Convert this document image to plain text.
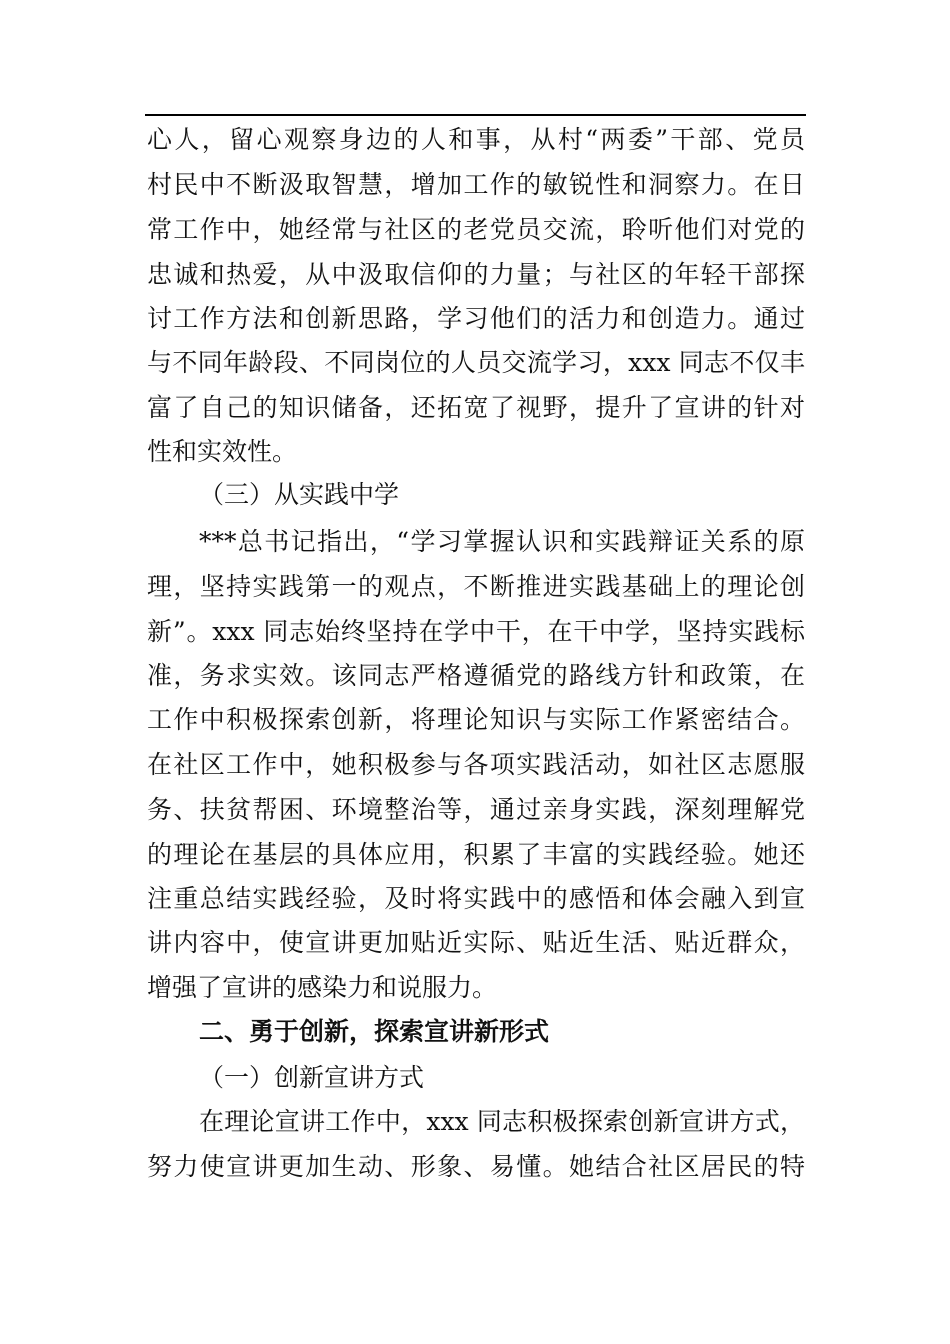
心人，留心观察身边的人和事，从村“两委”干部、党员
村民中不断汲取智慧，增加工作的敏锐性和洞察力。在日
常工作中，她经常与社区的老党员交流，聆听他们对党的
忠诚和热爱，从中汲取信仰的力量；与社区的年轻干部探
讨工作方法和创新思路，学习他们的活力和创造力。通过
与不同年龄段、不同岗位的人员交流学习，xxx 同志不仅丰
富了自己的知识储备，还拓宽了视野，提升了宣讲的针对
性和实效性。
（三）从实践中学
***总书记指出，“学习掌握认识和实践辩证关系的原
理，坚持实践第一的观点，不断推进实践基础上的理论创
新”。xxx 同志始终坚持在学中干，在干中学，坚持实践标
准，务求实效。该同志严格遵循党的路线方针和政策，在
工作中积极探索创新，将理论知识与实际工作紧密结合。
在社区工作中，她积极参与各项实践活动，如社区志愿服
务、扶贫帮困、环境整治等，通过亲身实践，深刻理解党
的理论在基层的具体应用，积累了丰富的实践经验。她还
注重总结实践经验，及时将实践中的感悟和体会融入到宣
讲内容中，使宣讲更加贴近实际、贴近生活、贴近群众，
增强了宣讲的感染力和说服力。
二、勇于创新，探索宣讲新形式
（一）创新宣讲方式
在理论宣讲工作中，xxx 同志积极探索创新宣讲方式，
努力使宣讲更加生动、形象、易懂。她结合社区居民的特
